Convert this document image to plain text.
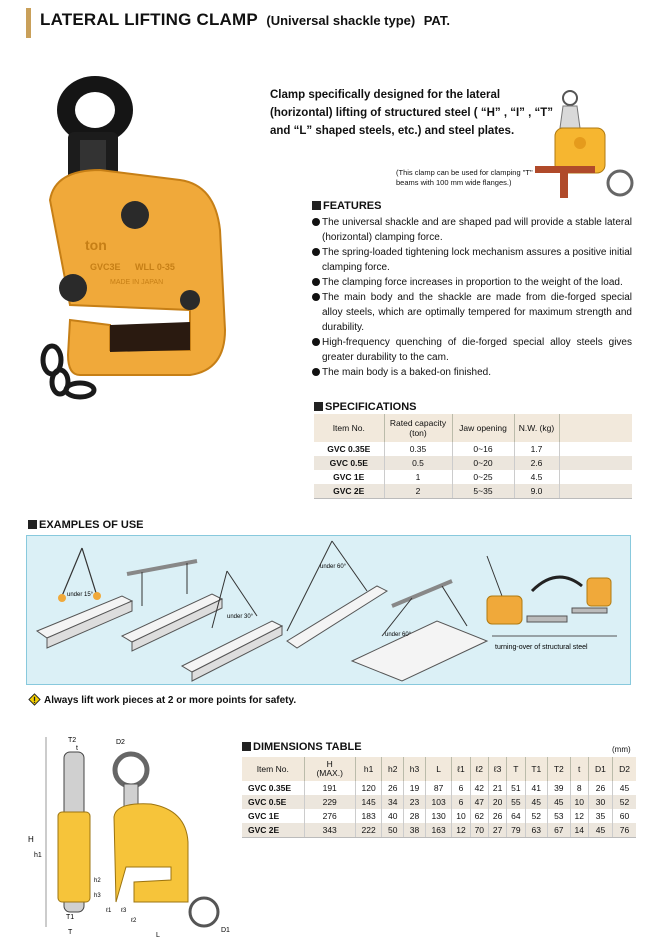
LATERAL LIFTING CLAMP (Universal shackle type) PAT.
ton
GVC3E WLL 0-35
MADE IN JAPAN
Clamp specifically designed for the lateral (horizontal) lifting of structured steel ( “H” , “I” , “T” and “L” shaped steels, etc.) and steel plates.
(This clamp can be used for clamping "T" beams with 100 mm wide flanges.)
FEATURES
The universal shackle and are shaped pad will provide a stable lateral (horizontal) clamping force.
The spring-loaded tightening lock mechanism assures a positive initial clamping force.
The clamping force increases in proportion to the weight of the load.
The main body and the shackle are made from die-forged special alloy steels, which are optimally tempered for maximum strength and durability.
High-frequency quenching of die-forged special alloy steels gives greater durability to the cam.
The main body is a baked-on finished.
SPECIFICATIONS
Item No.	Rated capacity (ton)	Jaw opening	N.W. (kg)	
GVC 0.35E	0.35	0~16	1.7	
GVC 0.5E	0.5	0~20	2.6	
GVC 1E	1	0~25	4.5	
GVC 2E	2	5~35	9.0	
EXAMPLES OF USE
under 15°
under 30°
under 60°
under 60°
turning-over of structural steel
Always lift work pieces at 2 or more points for safety.
H
h1
T2
t
h2
h3
T1
T
D2
ℓ1 ℓ3
ℓ2
L
D1
DIMENSIONS TABLE	(mm)
Item No.	H
(MAX.)	h1	h2	h3	L	ℓ1	ℓ2	ℓ3	T	T1	T2	t	D1	D2
GVC 0.35E	191	120	26	19	87	6	42	21	51	41	39	8	26	45
GVC 0.5E	229	145	34	23	103	6	47	20	55	45	45	10	30	52
GVC 1E	276	183	40	28	130	10	62	26	64	52	53	12	35	60
GVC 2E	343	222	50	38	163	12	70	27	79	63	67	14	45	76
